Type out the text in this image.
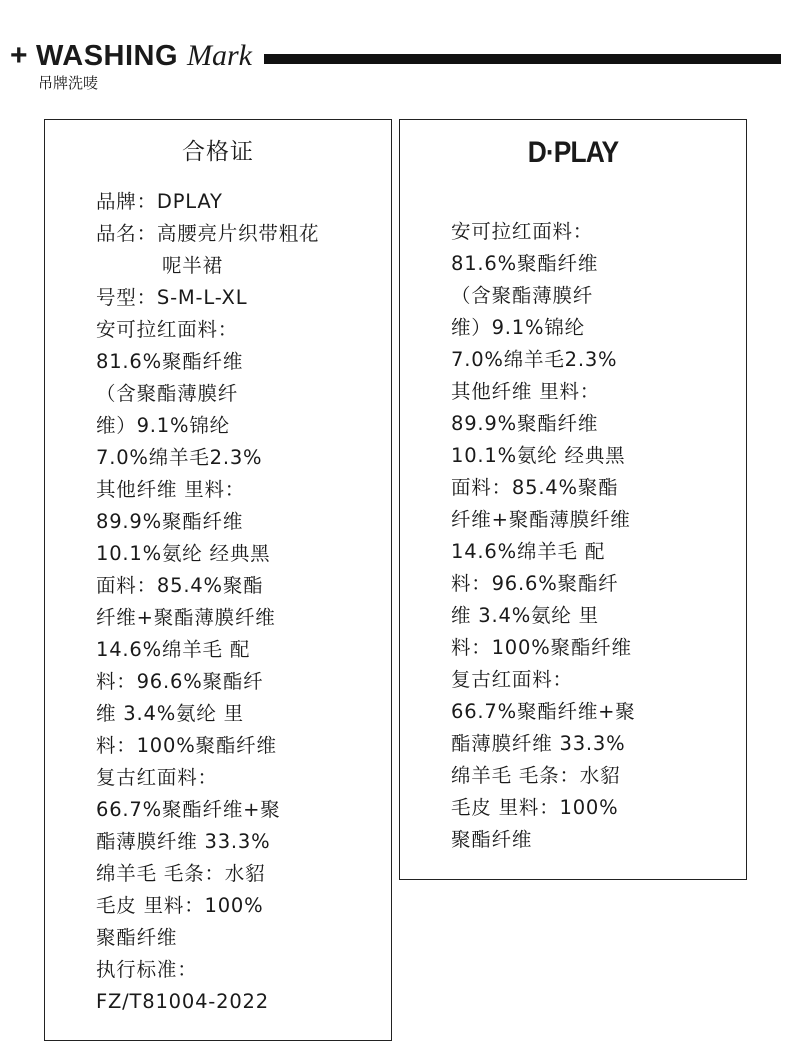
+ WASHING Mark
吊牌洗唛
合格证
品牌：DPLAY
品名：高腰亮片织带粗花
呢半裙
号型：S-M-L-XL
安可拉红面料：
81.6%聚酯纤维
（含聚酯薄膜纤
维）9.1%锦纶
7.0%绵羊毛2.3%
其他纤维 里料：
89.9%聚酯纤维
10.1%氨纶 经典黑
面料：85.4%聚酯
纤维+聚酯薄膜纤维
14.6%绵羊毛 配
料：96.6%聚酯纤
维 3.4%氨纶 里
料：100%聚酯纤维
复古红面料：
66.7%聚酯纤维+聚
酯薄膜纤维 33.3%
绵羊毛 毛条：水貂
毛皮 里料：100%
聚酯纤维
执行标准：
FZ/T81004-2022
D·PLAY
安可拉红面料：
81.6%聚酯纤维
（含聚酯薄膜纤
维）9.1%锦纶
7.0%绵羊毛2.3%
其他纤维 里料：
89.9%聚酯纤维
10.1%氨纶 经典黑
面料：85.4%聚酯
纤维+聚酯薄膜纤维
14.6%绵羊毛 配
料：96.6%聚酯纤
维 3.4%氨纶 里
料：100%聚酯纤维
复古红面料：
66.7%聚酯纤维+聚
酯薄膜纤维 33.3%
绵羊毛 毛条：水貂
毛皮 里料：100%
聚酯纤维
